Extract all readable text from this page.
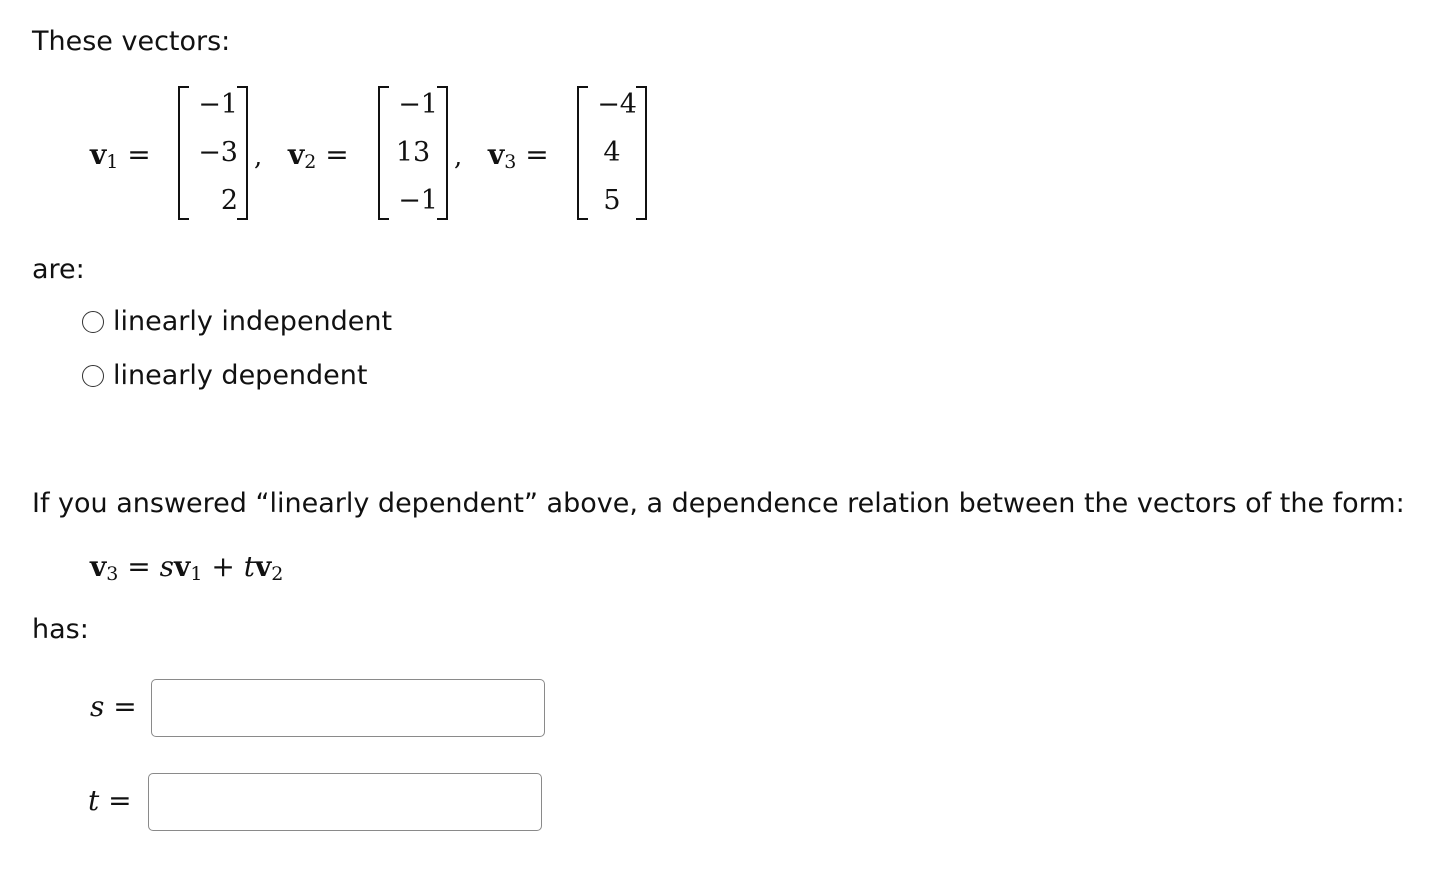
These vectors:
$v_1$ =
−1
−3
2
, $v_2$ =
−1
13
−1
, $v_3$ =
−4
4
5
are:
linearly independent
linearly dependent
If you answered “linearly dependent” above, a dependence relation between the vectors of the form:
$v_3 = sv_1 + tv_2$
has:
s =
t =
